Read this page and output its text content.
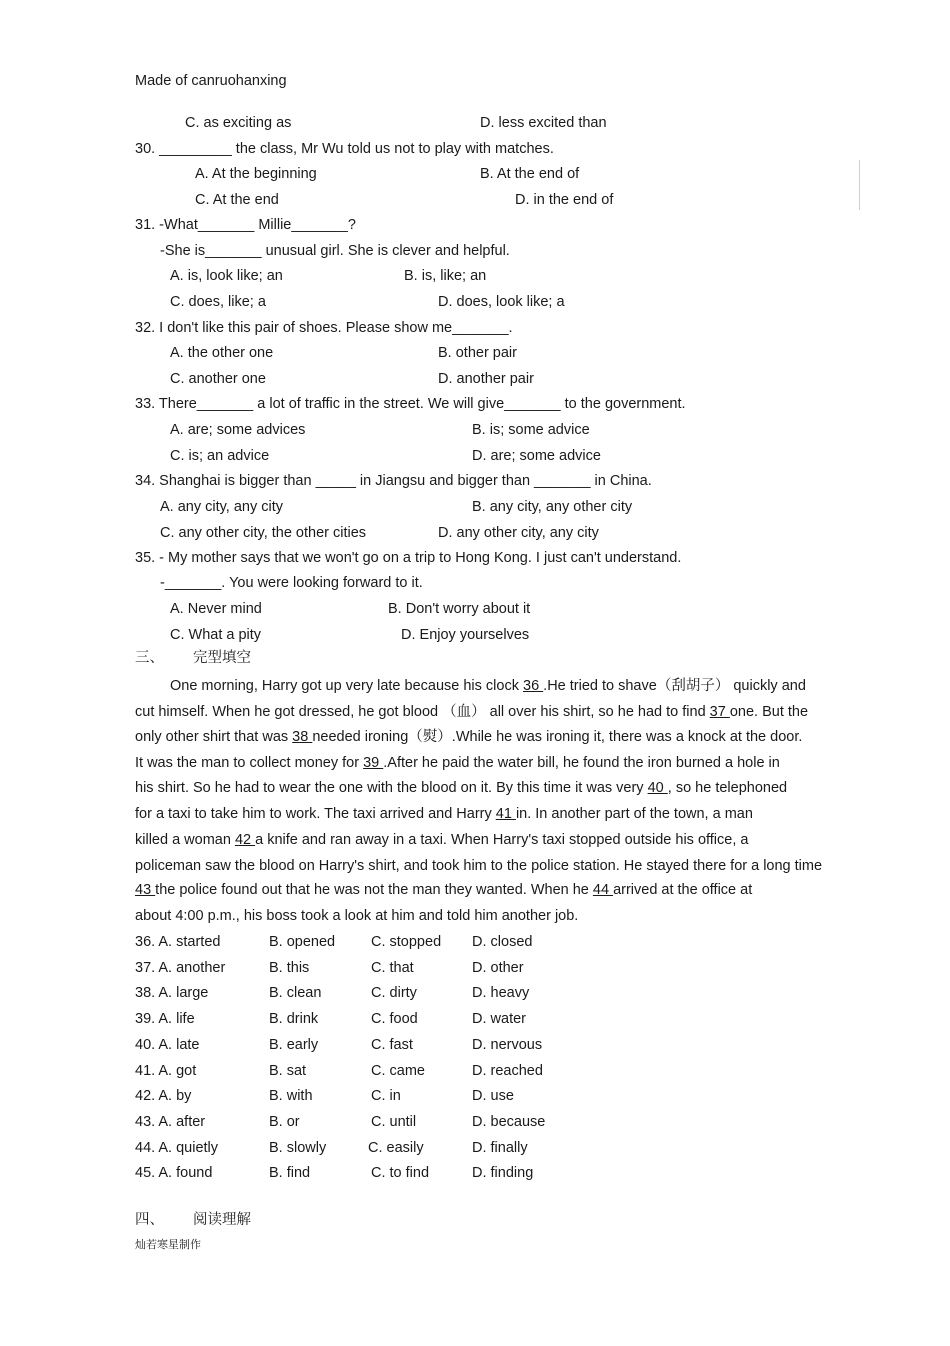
Made of canruohanxing
C. as exciting as	D. less excited than
30. _________ the class, Mr Wu told us not to play with matches.
A. At the beginning	B. At the end of
C. At the end	D. in the end of
31. -What_______ Millie_______?
-She is_______ unusual girl. She is clever and helpful.
A. is, look like; an	B. is, like; an
C. does, like; a	D. does, look like; a
32. I don't like this pair of shoes. Please show me_______.
A. the other one	B. other pair
C. another one	D. another pair
33. There_______ a lot of traffic in the street. We will give_______ to the government.
A. are; some advices	B. is; some advice
C. is; an advice	D. are; some advice
34. Shanghai is bigger than _____ in Jiangsu and bigger than _______ in China.
A. any city, any city	B. any city, any other city
C. any other city, the other cities	D. any other city, any city
35. - My mother says that we won't go on a trip to Hong Kong. I just can't understand.
-_______. You were looking forward to it.
A. Never mind	B. Don't worry about it
C. What a pity	D. Enjoy yourselves
三、 完型填空
One morning, Harry got up very late because his clock 36 .He tried to shave（刮胡子） quickly and
cut himself. When he got dressed, he got blood （血） all over his shirt, so he had to find 37 one. But the
only other shirt that was 38 needed ironing（熨）.While he was ironing it, there was a knock at the door.
It was the man to collect money for 39 .After he paid the water bill, he found the iron burned a hole in
his shirt. So he had to wear the one with the blood on it. By this time it was very 40 , so he telephoned
for a taxi to take him to work. The taxi arrived and Harry 41 in. In another part of the town, a man
killed a woman 42 a knife and ran away in a taxi. When Harry's taxi stopped outside his office, a
policeman saw the blood on Harry's shirt, and took him to the police station. He stayed there for a long time
43 the police found out that he was not the man they wanted. When he 44 arrived at the office at
about 4:00 p.m., his boss took a look at him and told him another job.
36. A. started	B. opened C. stopped D. closed
37. A. another	B. this	C. that	D. other
38. A. large	B. clean	C. dirty	D. heavy
39. A. life	B. drink	C. food	D. water
40. A. late	B. early	C. fast	D. nervous
41. A. got	B. sat	C. came	D. reached
42. A. by	B. with	C. in	D. use
43. A. after	B. or	C. until	D. because
44. A. quietly	B. slowly	C. easily	D. finally
45. A. found	B. find	C. to find	D. finding
四、 阅读理解
灿若寒星制作
